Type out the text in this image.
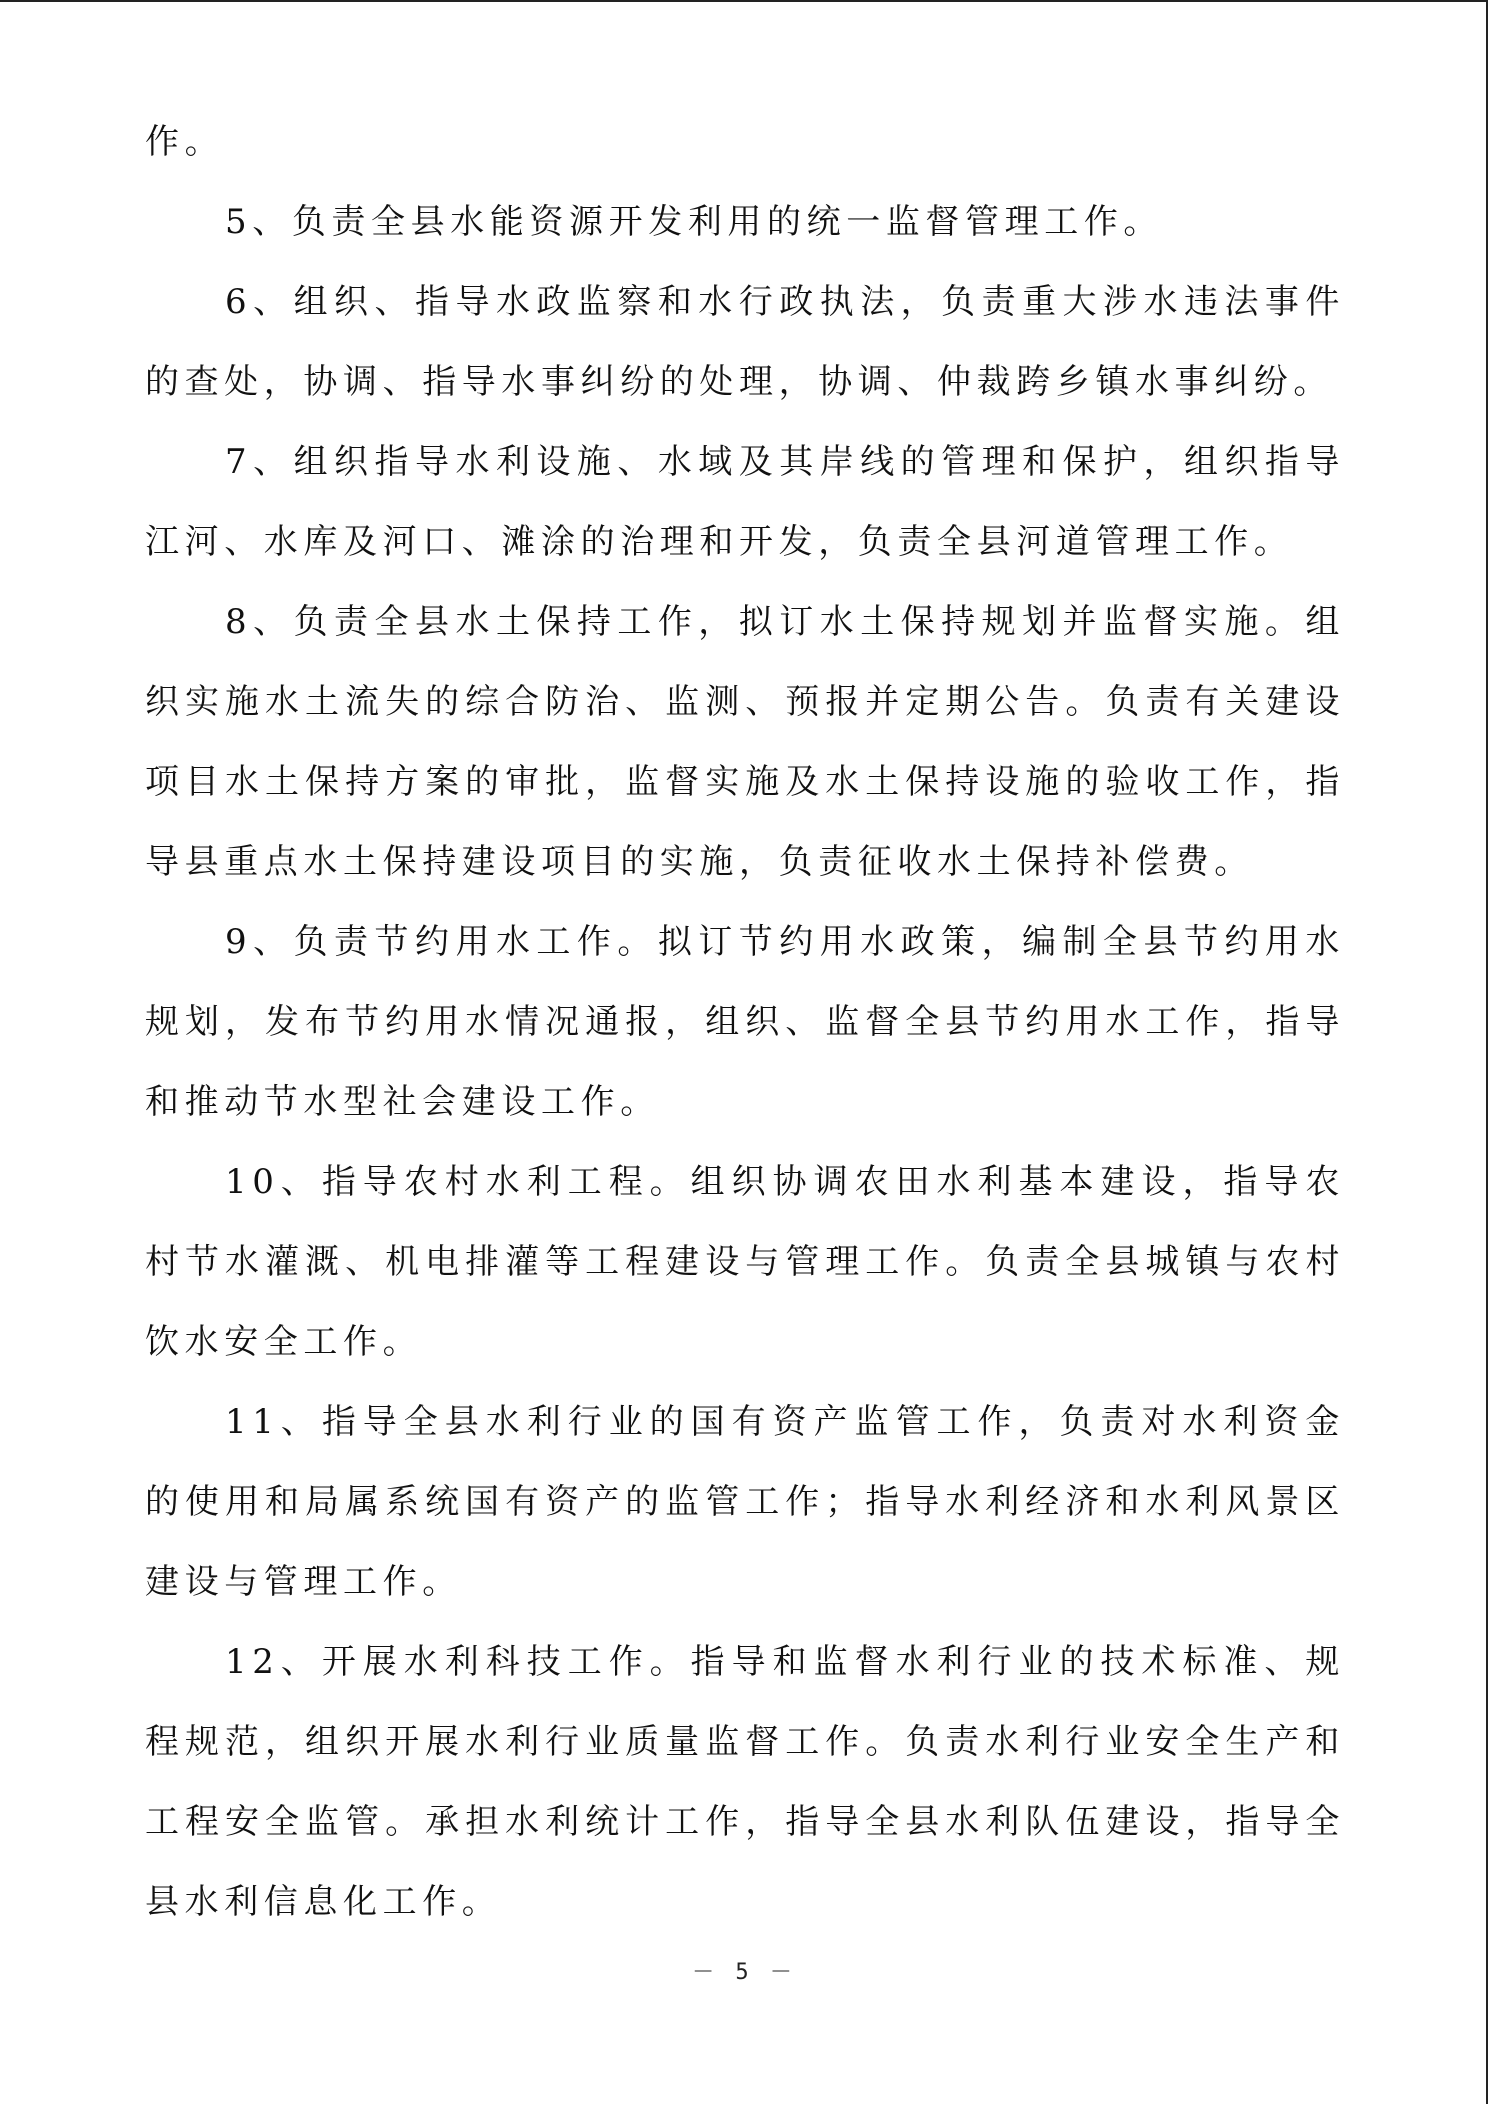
作。

5、负责全县水能资源开发利用的统一监督管理工作。

6、组织、指导水政监察和水行政执法，负责重大涉水违法事件的查处，协调、指导水事纠纷的处理，协调、仲裁跨乡镇水事纠纷。

7、组织指导水利设施、水域及其岸线的管理和保护，组织指导江河、水库及河口、滩涂的治理和开发，负责全县河道管理工作。

8、负责全县水土保持工作，拟订水土保持规划并监督实施。组织实施水土流失的综合防治、监测、预报并定期公告。负责有关建设项目水土保持方案的审批，监督实施及水土保持设施的验收工作，指导县重点水土保持建设项目的实施，负责征收水土保持补偿费。

9、负责节约用水工作。拟订节约用水政策，编制全县节约用水规划，发布节约用水情况通报，组织、监督全县节约用水工作，指导和推动节水型社会建设工作。

10、指导农村水利工程。组织协调农田水利基本建设，指导农村节水灌溉、机电排灌等工程建设与管理工作。负责全县城镇与农村饮水安全工作。

11、指导全县水利行业的国有资产监管工作，负责对水利资金的使用和局属系统国有资产的监管工作；指导水利经济和水利风景区建设与管理工作。

12、开展水利科技工作。指导和监督水利行业的技术标准、规程规范，组织开展水利行业质量监督工作。负责水利行业安全生产和工程安全监管。承担水利统计工作，指导全县水利队伍建设，指导全县水利信息化工作。

－ 5 －
